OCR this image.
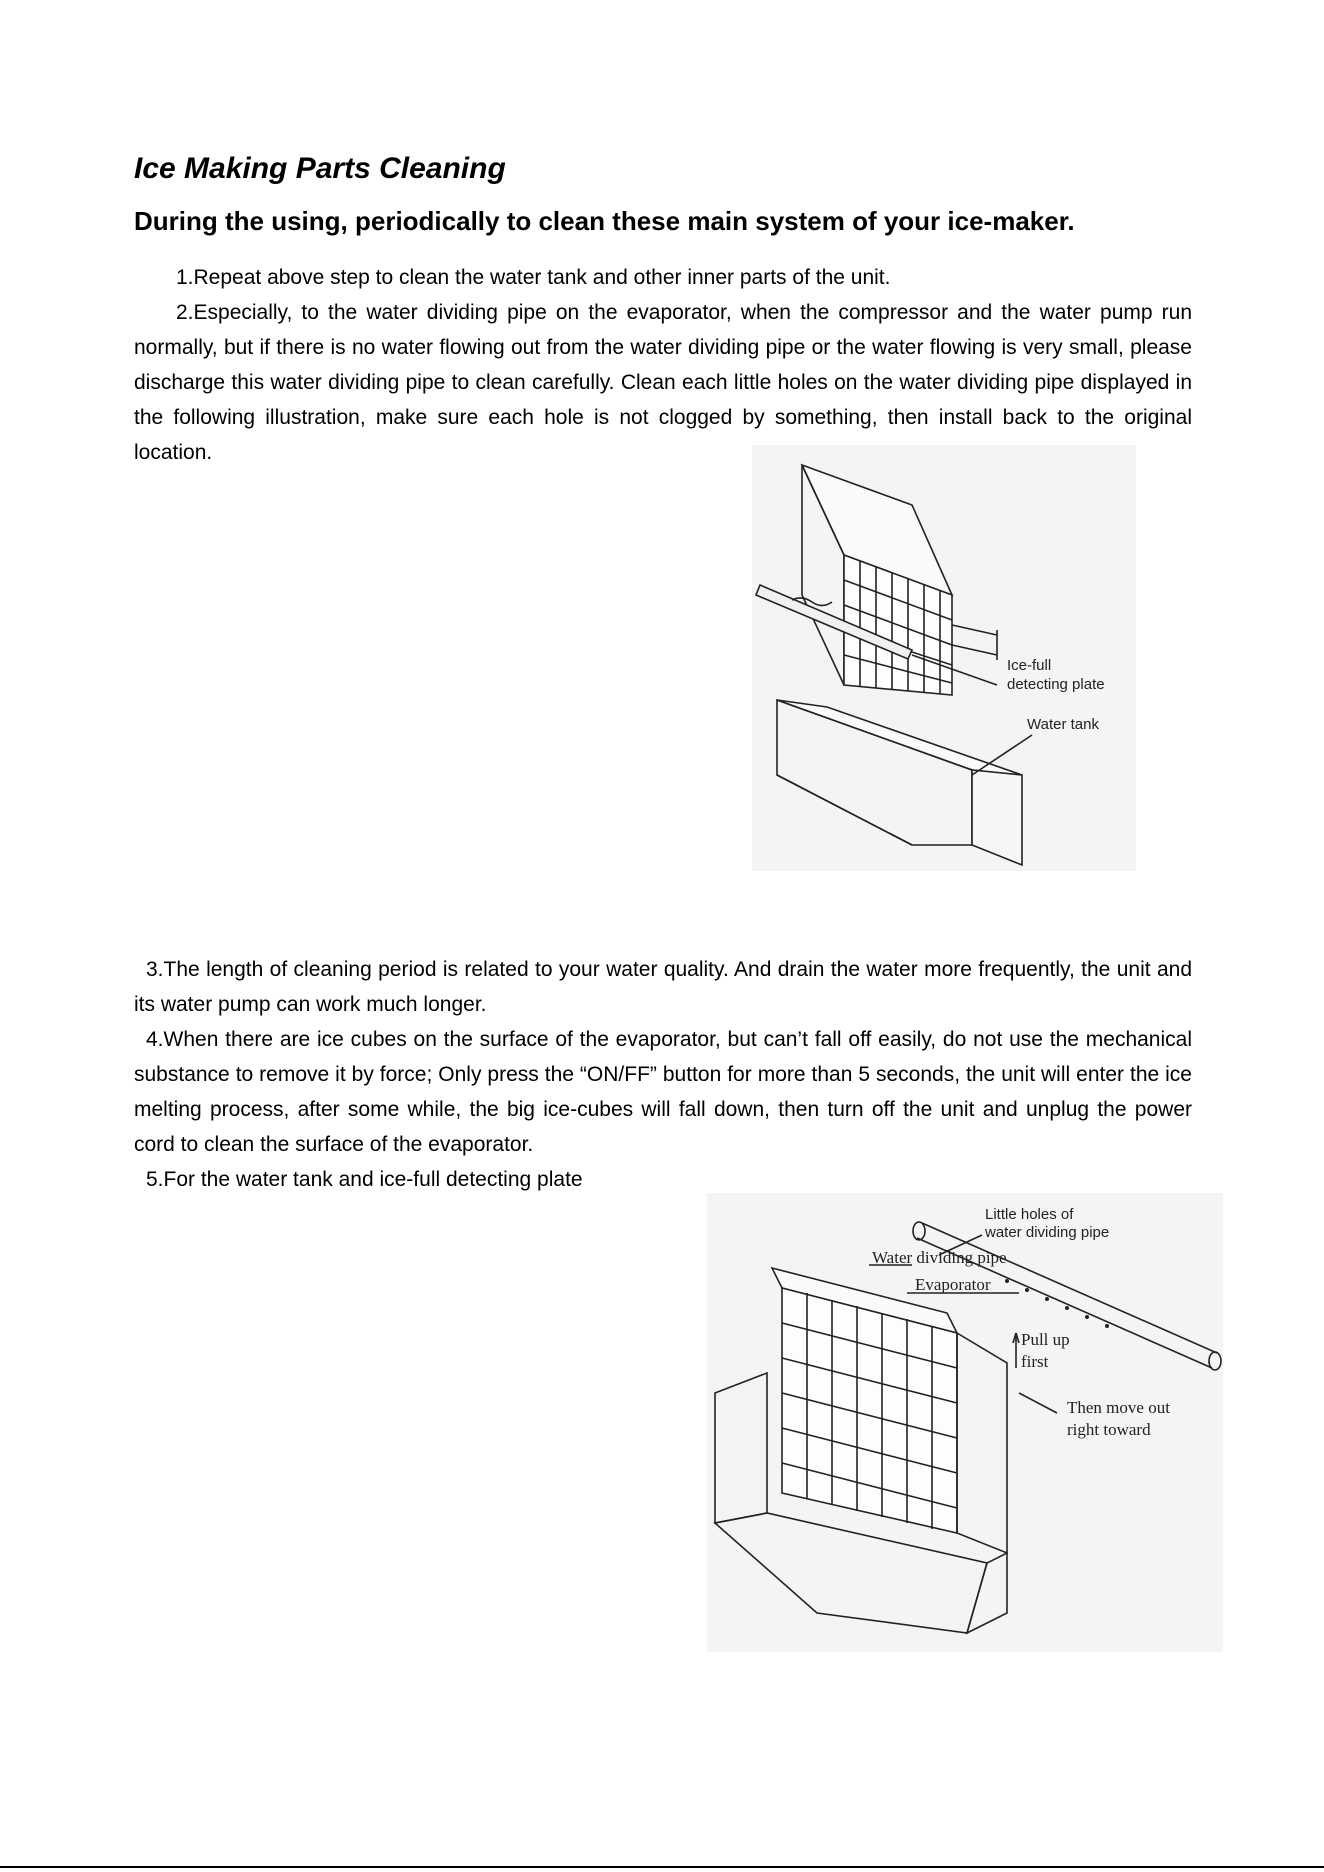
Ice Making Parts Cleaning
During the using, periodically to clean these main system of your ice-maker.

1.Repeat above step to clean the water tank and other inner parts of the unit.

2.Especially, to the water dividing pipe on the evaporator, when the compressor and the water pump run normally, but if there is no water flowing out from the water dividing pipe or the water flowing is very small, please discharge this water dividing pipe to clean carefully. Clean each little holes on the water dividing pipe displayed in the following illustration, make sure each hole is not clogged by something, then install back to the original location.

Ice-full
detecting plate
Water tank

3.The length of cleaning period is related to your water quality. And drain the water more frequently, the unit and its water pump can work much longer.

4.When there are ice cubes on the surface of the evaporator, but can’t fall off easily, do not use the mechanical substance to remove it by force; Only press the “ON/FF” button for more than 5 seconds, the unit will enter the ice melting process, after some while, the big ice-cubes will fall down, then turn off the unit and unplug the power cord to clean the surface of the evaporator.

5.For the water tank and ice-full detecting plate

Little holes of
water dividing pipe
Water dividing pipe
Evaporator
Pull up
first
Then move out
right toward
